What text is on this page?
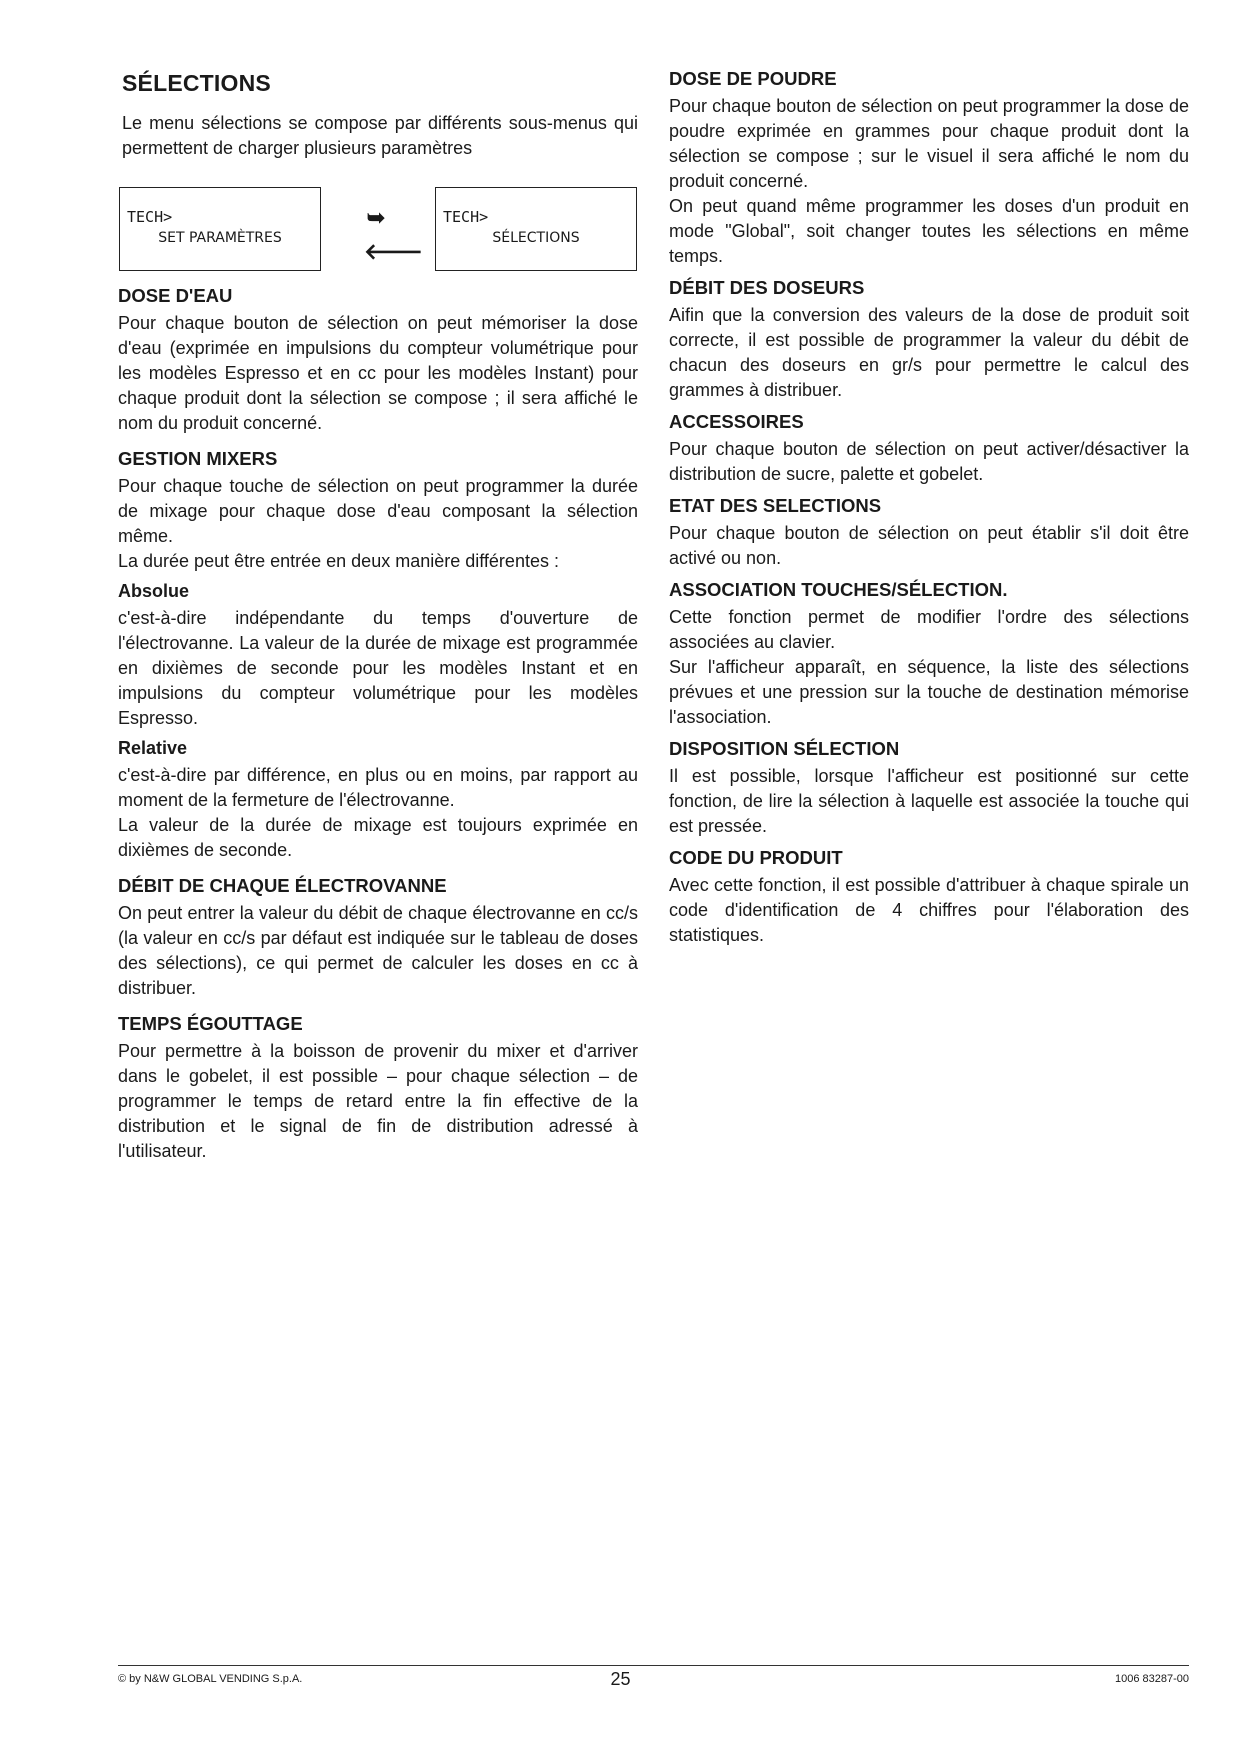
SÉLECTIONS

Le menu sélections se compose par différents sous-menus qui permettent de charger plusieurs paramètres

TECH>
SET PARAMÈTRES
➥
🡐
TECH>
SÉLECTIONS
DOSE D'EAU

Pour chaque bouton de sélection on peut mémoriser la dose d'eau (exprimée en impulsions du compteur volumétrique pour les modèles Espresso et en cc pour les modèles Instant) pour chaque produit dont la sélection se compose ; il sera affiché le nom du produit concerné.

GESTION MIXERS

Pour chaque touche de sélection on peut programmer la durée de mixage pour chaque dose d'eau composant la sélection même.

La durée peut être entrée en deux manière différentes :

Absolue

c'est-à-dire indépendante du temps d'ouverture de l'électrovanne. La valeur de la durée de mixage est programmée en dixièmes de seconde pour les modèles Instant et en impulsions du compteur volumétrique pour les modèles Espresso.

Relative

c'est-à-dire par différence, en plus ou en moins, par rapport au moment de la fermeture de l'électrovanne.

La valeur de la durée de mixage est toujours exprimée en dixièmes de seconde.

DÉBIT DE CHAQUE ÉLECTROVANNE

On peut entrer la valeur du débit de chaque électrovanne en cc/s (la valeur en cc/s par défaut est indiquée sur le tableau de doses des sélections), ce qui permet de calculer les doses en cc à distribuer.

TEMPS ÉGOUTTAGE

Pour permettre à la boisson de provenir du mixer et d'arriver dans le gobelet, il est possible – pour chaque sélection – de programmer le temps de retard entre la fin effective de la distribution et le signal de fin de distribution adressé à l'utilisateur.

DOSE DE POUDRE

Pour chaque bouton de sélection on peut programmer la dose de poudre exprimée en grammes pour chaque produit dont la sélection se compose ; sur le visuel il sera affiché le nom du produit concerné.

On peut quand même programmer les doses d'un produit en mode "Global", soit changer toutes les sélections en même temps.

DÉBIT DES DOSEURS

Aifin que la conversion des valeurs de la dose de produit soit correcte, il est possible de programmer la valeur du débit de chacun des doseurs en gr/s pour permettre le calcul des grammes à distribuer.

ACCESSOIRES

Pour chaque bouton de sélection on peut activer/désactiver la distribution de sucre, palette et gobelet.

ETAT DES SELECTIONS

Pour chaque bouton de sélection on peut établir s'il doit être activé ou non.

ASSOCIATION TOUCHES/SÉLECTION.

Cette fonction permet de modifier l'ordre des sélections associées au clavier.

Sur l'afficheur apparaît, en séquence, la liste des sélections prévues et une pression sur la touche de destination mémorise l'association.

DISPOSITION SÉLECTION

Il est possible, lorsque l'afficheur est positionné sur cette fonction, de lire la sélection à laquelle est associée la touche qui est pressée.

CODE DU PRODUIT

Avec cette fonction, il est possible d'attribuer à chaque spirale un code d'identification de 4 chiffres pour l'élaboration des statistiques.

© by N&W GLOBAL VENDING S.p.A.	25	1006 83287-00
